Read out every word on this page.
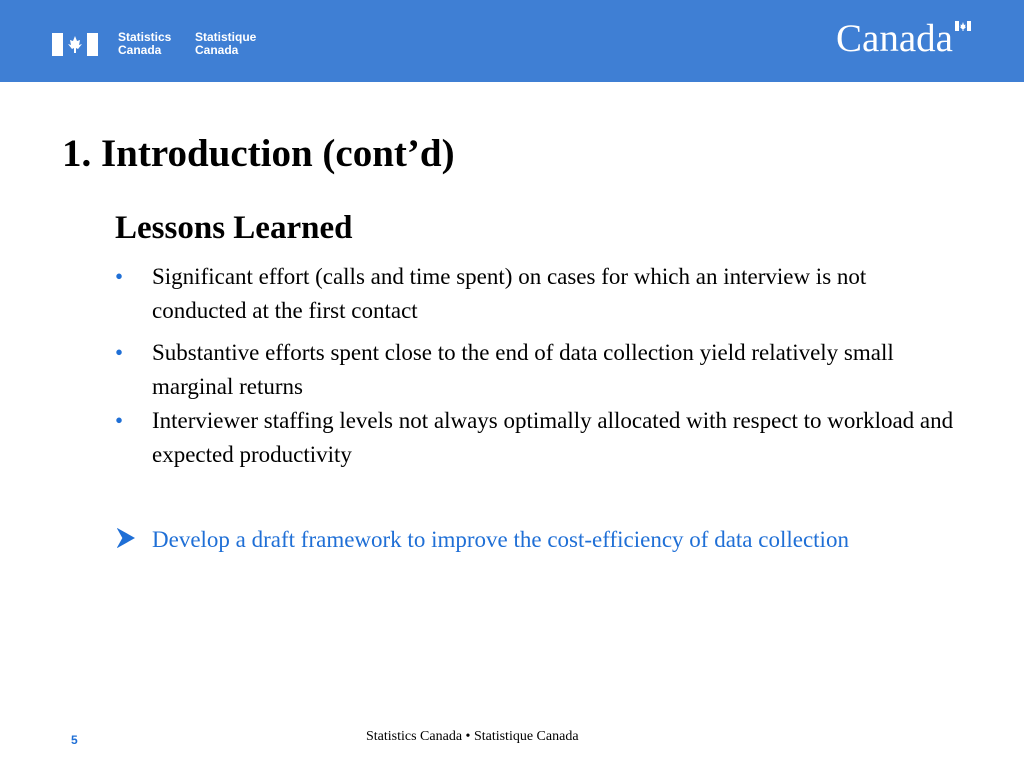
Statistics
Canada
Statistique
Canada	Canada
1. Introduction (cont’d)
Lessons Learned
• Significant effort (calls and time spent) on cases for which an interview is not conducted at the first contact
• Substantive efforts spent close to the end of data collection yield relatively small marginal returns
• Interviewer staffing levels not always optimally allocated with respect to workload and expected productivity
Develop a draft framework to improve the cost-efficiency of data collection
5	Statistics Canada • Statistique Canada
